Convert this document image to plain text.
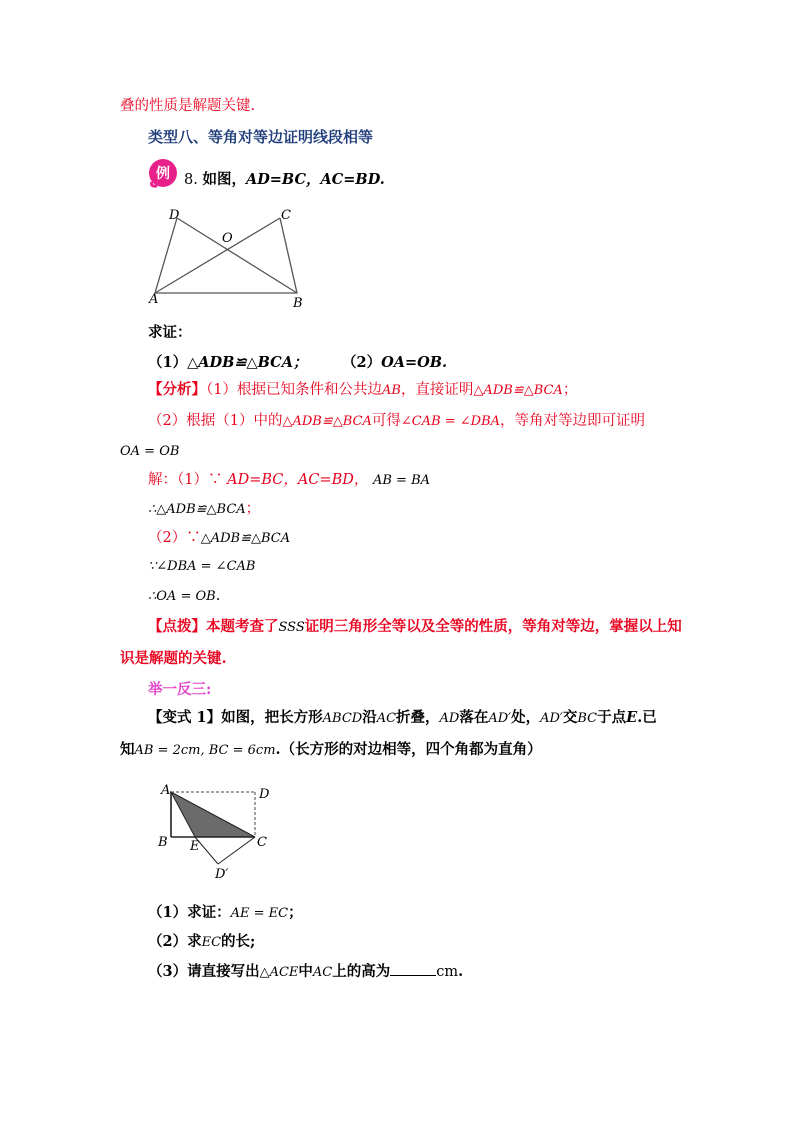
叠的性质是解题关键.
类型八、等角对等边证明线段相等
例 8. 如图，AD=BC，AC=BD.
D	C
O
A	B
求证：
（1）△ADB≌△BCA； （2）OA=OB.
【分析】（1）根据已知条件和公共边AB，直接证明△ADB≌△BCA；
（2）根据（1）中的△ADB≌△BCA可得∠CAB = ∠DBA，等角对等边即可证明
OA = OB
解：（1）∵ AD=BC，AC=BD， AB = BA
∴△ADB≌△BCA；
（2）∵△ADB≌△BCA
∵∠DBA = ∠CAB
∴OA = OB.
【点拨】本题考查了SSS证明三角形全等以及全等的性质，等角对等边，掌握以上知
识是解题的关键.
举一反三:
【变式 1】如图，把长方形ABCD沿AC折叠，AD落在AD′处，AD′交BC于点E.已
知AB = 2cm, BC = 6cm.（长方形的对边相等，四个角都为直角）
A	D
B E	C
D′
（1）求证：AE = EC；
（2）求EC的长;
（3）请直接写出△ACE中AC上的高为	cm.
